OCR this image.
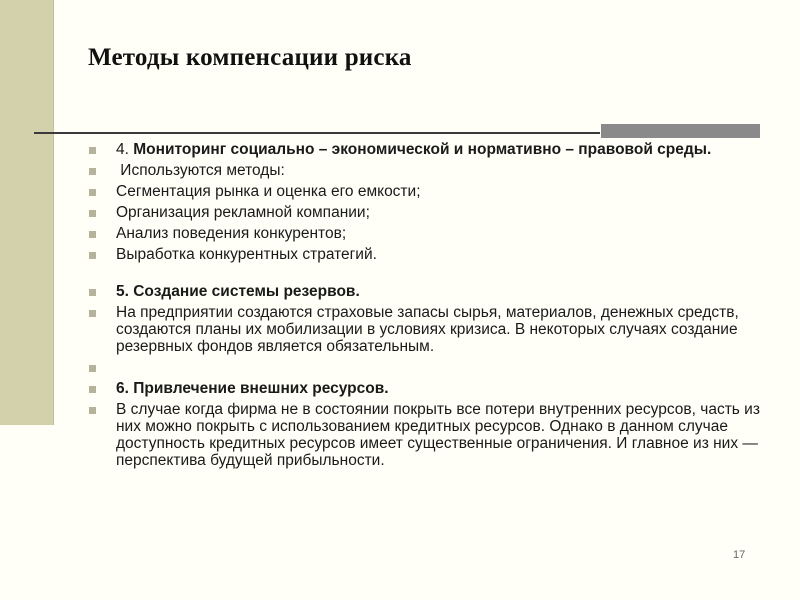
Методы компенсации риска
4. Мониторинг социально – экономической и нормативно – правовой среды.
Используются методы:
Сегментация рынка и оценка его емкости;
Организация рекламной компании;
Анализ поведения конкурентов;
Выработка конкурентных стратегий.
5. Создание системы резервов.
На предприятии создаются страховые запасы сырья, материалов, денежных средств, создаются планы их мобилизации в условиях кризиса. В некоторых случаях создание резервных фондов является обязательным.
6. Привлечение внешних ресурсов.
В случае когда фирма не в состоянии покрыть все потери внутренних ресурсов, часть из них можно покрыть с использованием кредитных ресурсов. Однако в данном случае доступность кредитных ресурсов имеет существенные ограничения. И главное из них — перспектива будущей прибыльности.
17
